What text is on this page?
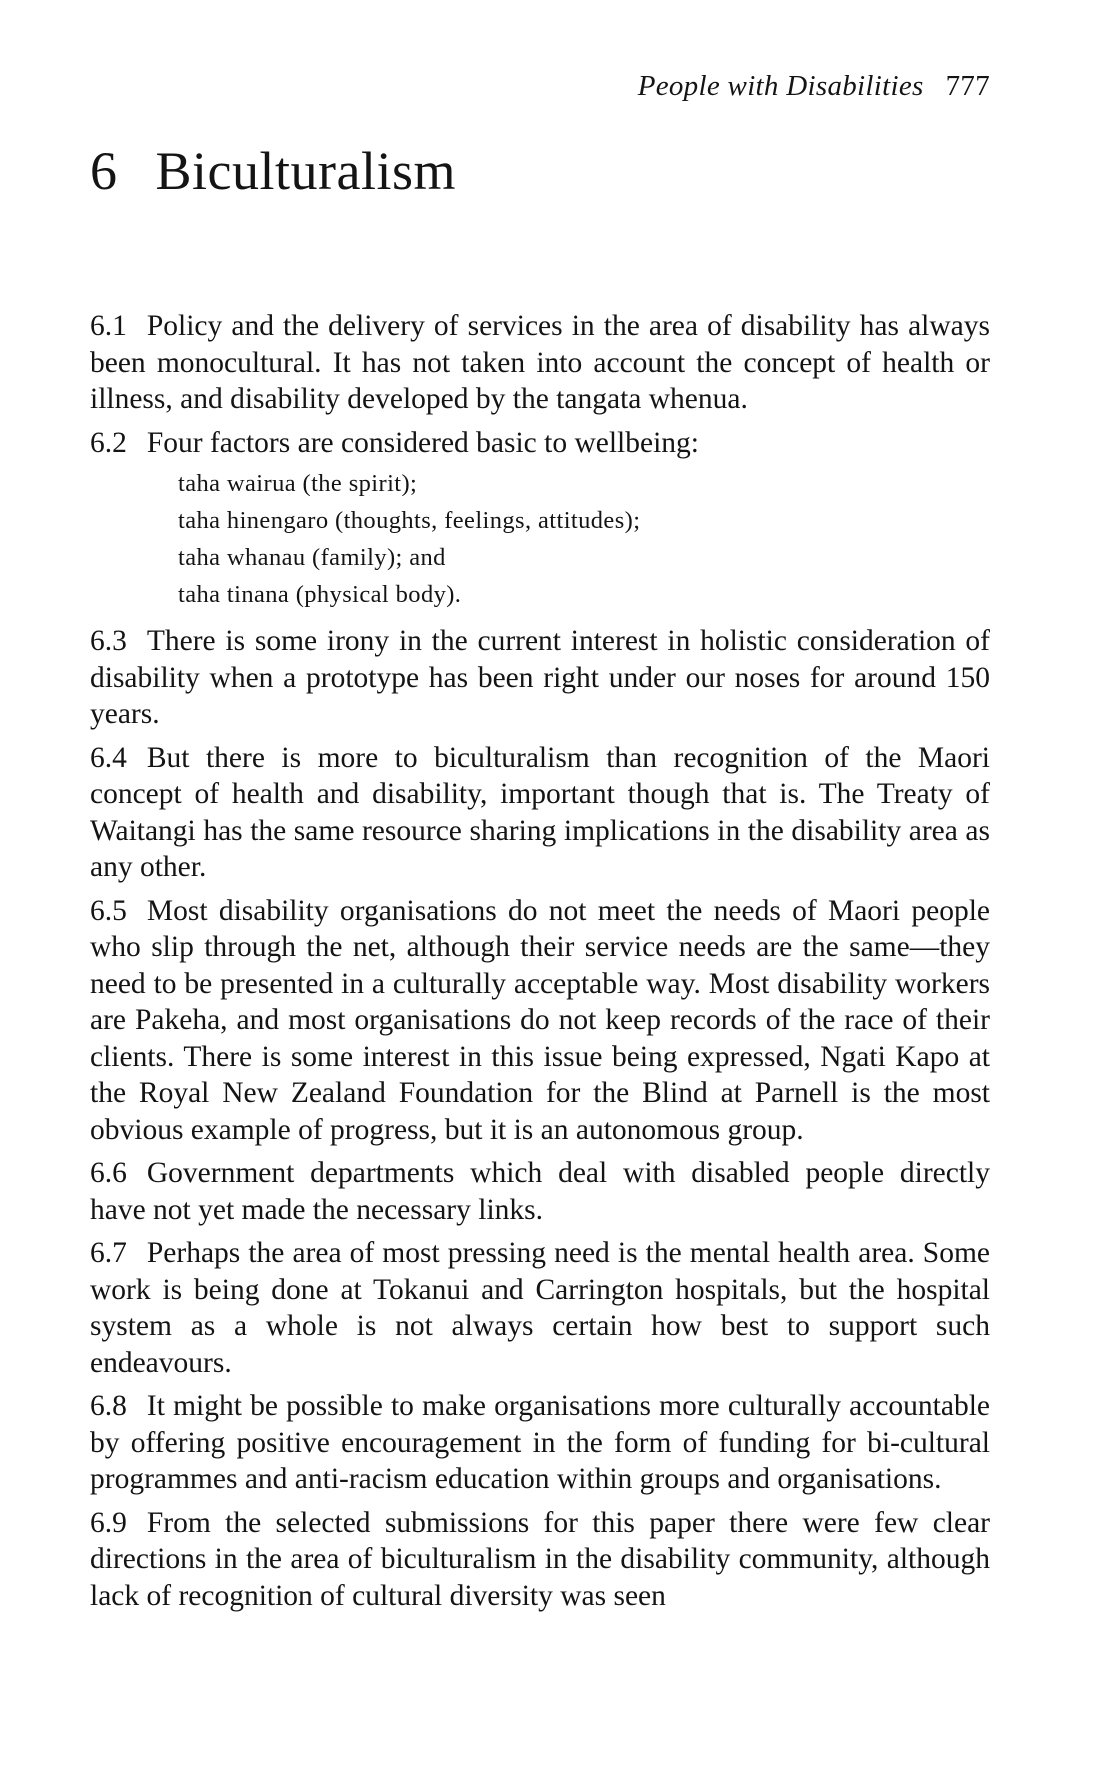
People with Disabilities 777
6 Biculturalism

6.1 Policy and the delivery of services in the area of disability has always been monocultural. It has not taken into account the concept of health or illness, and disability developed by the tangata whenua.

6.2 Four factors are considered basic to wellbeing:

taha wairua (the spirit);
taha hinengaro (thoughts, feelings, attitudes);
taha whanau (family); and
taha tinana (physical body).

6.3 There is some irony in the current interest in holistic consideration of disability when a prototype has been right under our noses for around 150 years.

6.4 But there is more to biculturalism than recognition of the Maori concept of health and disability, important though that is. The Treaty of Waitangi has the same resource sharing implications in the disability area as any other.

6.5 Most disability organisations do not meet the needs of Maori people who slip through the net, although their service needs are the same—they need to be presented in a culturally acceptable way. Most disability workers are Pakeha, and most organisations do not keep records of the race of their clients. There is some interest in this issue being expressed, Ngati Kapo at the Royal New Zealand Foundation for the Blind at Parnell is the most obvious example of progress, but it is an autonomous group.

6.6 Government departments which deal with disabled people directly have not yet made the necessary links.

6.7 Perhaps the area of most pressing need is the mental health area. Some work is being done at Tokanui and Carrington hospitals, but the hospital system as a whole is not always certain how best to support such endeavours.

6.8 It might be possible to make organisations more culturally accountable by offering positive encouragement in the form of funding for bi-cultural programmes and anti-racism education within groups and organisations.

6.9 From the selected submissions for this paper there were few clear directions in the area of biculturalism in the disability community, although lack of recognition of cultural diversity was seen
